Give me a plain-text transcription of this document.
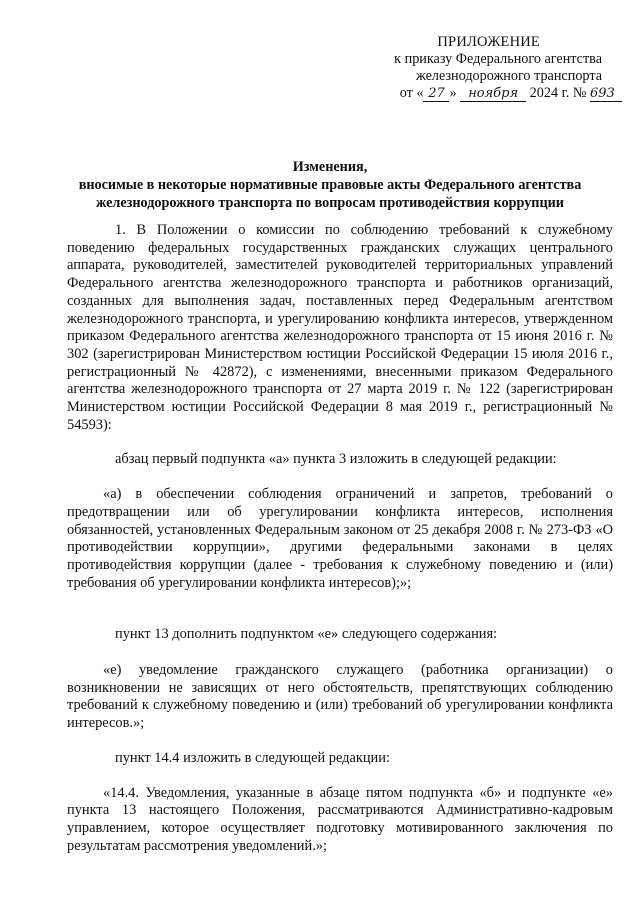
ПРИЛОЖЕНИЕ
к приказу Федерального агентства
железнодорожного транспорта
от « 27 » ноября 2024 г. № 693
Изменения,
вносимые в некоторые нормативные правовые акты Федерального агентства
железнодорожного транспорта по вопросам противодействия коррупции

1. В Положении о комиссии по соблюдению требований к служебному поведению федеральных государственных гражданских служащих центрального аппарата, руководителей, заместителей руководителей территориальных управлений Федерального агентства железнодорожного транспорта и работников организаций, созданных для выполнения задач, поставленных перед Федеральным агентством железнодорожного транспорта, и урегулированию конфликта интересов, утвержденном приказом Федерального агентства железнодорожного транспорта от 15 июня 2016 г. № 302 (зарегистрирован Министерством юстиции Российской Федерации 15 июля 2016 г., регистрационный № 42872), с изменениями, внесенными приказом Федерального агентства железнодорожного транспорта от 27 марта 2019 г. № 122 (зарегистрирован Министерством юстиции Российской Федерации 8 мая 2019 г., регистрационный № 54593):

абзац первый подпункта «а» пункта 3 изложить в следующей редакции:

«а) в обеспечении соблюдения ограничений и запретов, требований о предотвращении или об урегулировании конфликта интересов, исполнения обязанностей, установленных Федеральным законом от 25 декабря 2008 г. № 273-ФЗ «О противодействии коррупции», другими федеральными законами в целях противодействия коррупции (далее - требования к служебному поведению и (или) требования об урегулировании конфликта интересов);»;

пункт 13 дополнить подпунктом «е» следующего содержания:

«е) уведомление гражданского служащего (работника организации) о возникновении не зависящих от него обстоятельств, препятствующих соблюдению требований к служебному поведению и (или) требований об урегулировании конфликта интересов.»;

пункт 14.4 изложить в следующей редакции:

«14.4. Уведомления, указанные в абзаце пятом подпункта «б» и подпункте «е» пункта 13 настоящего Положения, рассматриваются Административно-кадровым управлением, которое осуществляет подготовку мотивированного заключения по результатам рассмотрения уведомлений.»;
